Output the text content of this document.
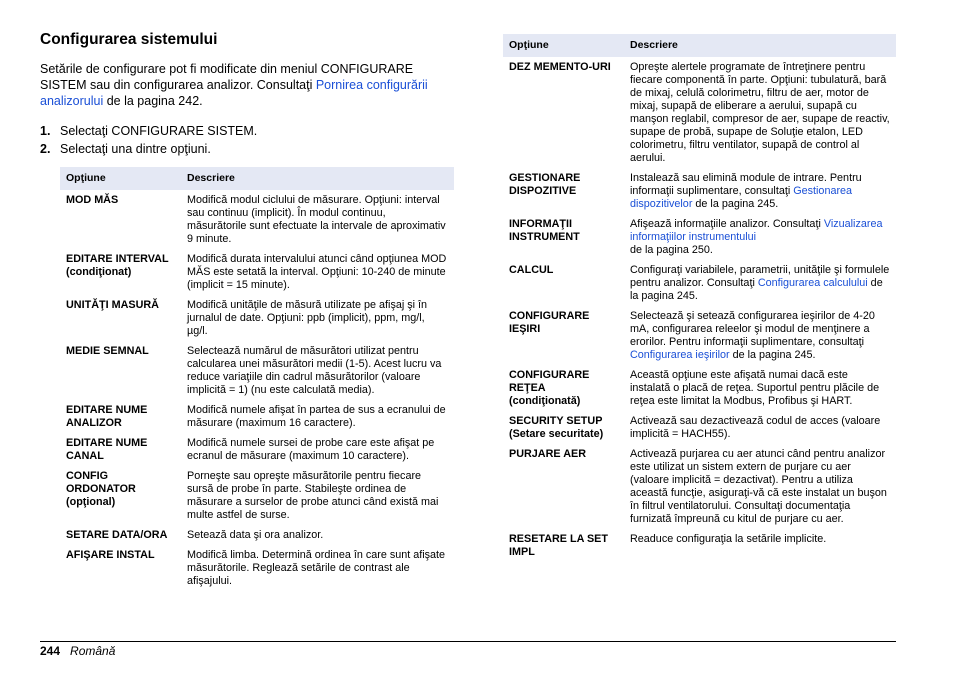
Configurarea sistemului

Setările de configurare pot fi modificate din meniul CONFIGURARE SISTEM sau din configurarea analizor. Consultaţi Pornirea configurării analizorului de la pagina 242.

1. Selectaţi CONFIGURARE SISTEM.
2. Selectaţi una dintre opţiuni.
Opţiune	Descriere
MOD MĂS	Modifică modul ciclului de măsurare. Opţiuni: interval sau continuu (implicit). În modul continuu, măsurătorile sunt efectuate la intervale de aproximativ 9 minute.
EDITARE INTERVAL (condiţionat)	Modifică durata intervalului atunci când opţiunea MOD MĂS este setată la interval. Opţiuni: 10-240 de minute (implicit = 15 minute).
UNITĂŢI MASURĂ	Modifică unităţile de măsură utilizate pe afişaj şi în jurnalul de date. Opţiuni: ppb (implicit), ppm, mg/l, µg/l.
MEDIE SEMNAL	Selectează numărul de măsurători utilizat pentru calcularea unei măsurători medii (1-5). Acest lucru va reduce variaţiile din cadrul măsurătorilor (valoare implicită = 1) (nu este calculată media).
EDITARE NUME ANALIZOR	Modifică numele afişat în partea de sus a ecranului de măsurare (maximum 16 caractere).
EDITARE NUME CANAL	Modifică numele sursei de probe care este afişat pe ecranul de măsurare (maximum 10 caractere).
CONFIG ORDONATOR (opţional)	Porneşte sau opreşte măsurătorile pentru fiecare sursă de probe în parte. Stabileşte ordinea de măsurare a surselor de probe atunci când există mai multe astfel de surse.
SETARE DATA/ORA	Setează data şi ora analizor.
AFIŞARE INSTAL	Modifică limba. Determină ordinea în care sunt afişate măsurătorile. Reglează setările de contrast ale afişajului.
Opţiune	Descriere
DEZ MEMENTO-URI	Opreşte alertele programate de întreţinere pentru fiecare componentă în parte. Opţiuni: tubulatură, bară de mixaj, celulă colorimetru, filtru de aer, motor de mixaj, supapă de eliberare a aerului, supapă cu manşon reglabil, compresor de aer, supape de reactiv, supape de probă, supape de Soluţie etalon, LED colorimetru, filtru ventilator, supapă de control al aerului.
GESTIONARE DISPOZITIVE	Instalează sau elimină module de intrare. Pentru informaţii suplimentare, consultaţi Gestionarea dispozitivelor de la pagina 245.
INFORMAŢII INSTRUMENT	Afişează informaţiile analizor. Consultaţi Vizualizarea informaţiilor instrumentului
de la pagina 250.
CALCUL	Configuraţi variabilele, parametrii, unităţile şi formulele pentru analizor. Consultaţi Configurarea calculului de la pagina 245.
CONFIGURARE IEŞIRI	Selectează şi setează configurarea ieşirilor de 4-20 mA, configurarea releelor şi modul de menţinere a erorilor. Pentru informaţii suplimentare, consultaţi Configurarea ieşirilor de la pagina 245.
CONFIGURARE REŢEA (condiţionată)	Această opţiune este afişată numai dacă este instalată o placă de reţea. Suportul pentru plăcile de reţea este limitat la Modbus, Profibus şi HART.
SECURITY SETUP (Setare securitate)	Activează sau dezactivează codul de acces (valoare implicită = HACH55).
PURJARE AER	Activează purjarea cu aer atunci când pentru analizor este utilizat un sistem extern de purjare cu aer (valoare implicită = dezactivat). Pentru a utiliza această funcţie, asiguraţi-vă că este instalat un buşon în filtrul ventilatorului. Consultaţi documentaţia furnizată împreună cu kitul de purjare cu aer.
RESETARE LA SET IMPL	Readuce configuraţia la setările implicite.
244 Română
